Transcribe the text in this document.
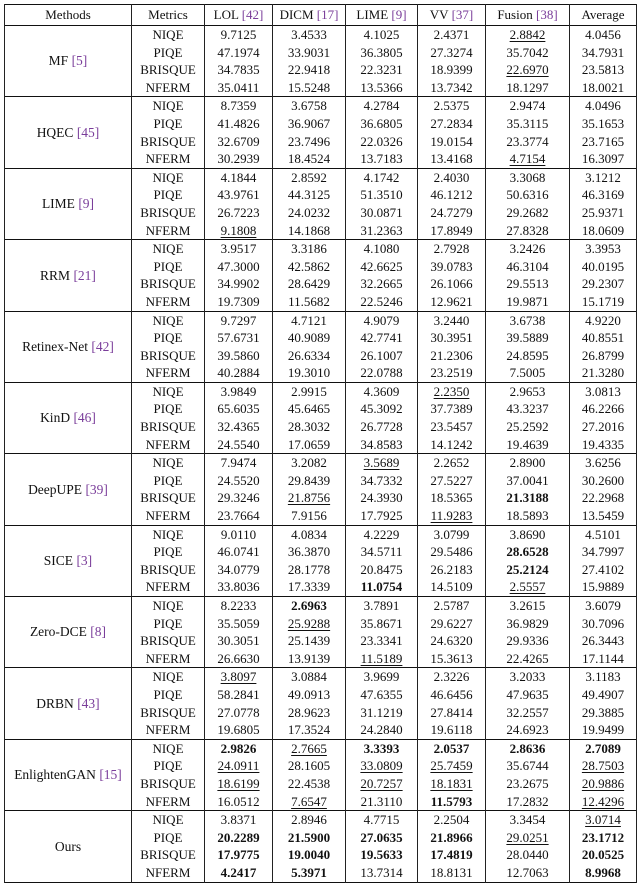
Methods	Metrics	LOL [42]	DICM [17]	LIME [9]	VV [37]	Fusion [38]	Average
MF [5]	NIQE	9.7125	3.4533	4.1025	2.4371	2.8842	4.0456
	PIQE	47.1974	33.9031	36.3805	27.3274	35.7042	34.7931
	BRISQUE	34.7835	22.9418	22.3231	18.9399	22.6970	23.5813
	NFERM	35.0411	15.5248	13.5366	13.7342	18.1297	18.0021
HQEC [45]	NIQE	8.7359	3.6758	4.2784	2.5375	2.9474	4.0496
	PIQE	41.4826	36.9067	36.6805	27.2834	35.3115	35.1653
	BRISQUE	32.6709	23.7496	22.0326	19.0154	23.3774	23.7165
	NFERM	30.2939	18.4524	13.7183	13.4168	4.7154	16.3097
LIME [9]	NIQE	4.1844	2.8592	4.1742	2.4030	3.3068	3.1212
	PIQE	43.9761	44.3125	51.3510	46.1212	50.6316	46.3169
	BRISQUE	26.7223	24.0232	30.0871	24.7279	29.2682	25.9371
	NFERM	9.1808	14.1868	31.2363	17.8949	27.8328	18.0609
RRM [21]	NIQE	3.9517	3.3186	4.1080	2.7928	3.2426	3.3953
	PIQE	47.3000	42.5862	42.6625	39.0783	46.3104	40.0195
	BRISQUE	34.9902	28.6429	32.2665	26.1066	29.5513	29.2307
	NFERM	19.7309	11.5682	22.5246	12.9621	19.9871	15.1719
Retinex-Net [42]	NIQE	9.7297	4.7121	4.9079	3.2440	3.6738	4.9220
	PIQE	57.6731	40.9089	42.7741	30.3951	39.5889	40.8551
	BRISQUE	39.5860	26.6334	26.1007	21.2306	24.8595	26.8799
	NFERM	40.2884	19.3010	22.0788	23.2519	7.5005	21.3280
KinD [46]	NIQE	3.9849	2.9915	4.3609	2.2350	2.9653	3.0813
	PIQE	65.6035	45.6465	45.3092	37.7389	43.3237	46.2266
	BRISQUE	32.4365	28.3032	26.7728	23.5457	25.2592	27.2016
	NFERM	24.5540	17.0659	34.8583	14.1242	19.4639	19.4335
DeepUPE [39]	NIQE	7.9474	3.2082	3.5689	2.2652	2.8900	3.6256
	PIQE	24.5520	29.8439	34.7332	27.5227	37.0041	30.2600
	BRISQUE	29.3246	21.8756	24.3930	18.5365	21.3188	22.2968
	NFERM	23.7664	7.9156	17.7925	11.9283	18.5893	13.5459
SICE [3]	NIQE	9.0110	4.0834	4.2229	3.0799	3.8690	4.5101
	PIQE	46.0741	36.3870	34.5711	29.5486	28.6528	34.7997
	BRISQUE	34.0779	28.1778	20.8475	26.2183	25.2124	27.4102
	NFERM	33.8036	17.3339	11.0754	14.5109	2.5557	15.9889
Zero-DCE [8]	NIQE	8.2233	2.6963	3.7891	2.5787	3.2615	3.6079
	PIQE	35.5059	25.9288	35.8671	29.6227	36.9829	30.7096
	BRISQUE	30.3051	25.1439	23.3341	24.6320	29.9336	26.3443
	NFERM	26.6630	13.9139	11.5189	15.3613	22.4265	17.1144
DRBN [43]	NIQE	3.8097	3.0884	3.9699	2.3226	3.2033	3.1183
	PIQE	58.2841	49.0913	47.6355	46.6456	47.9635	49.4907
	BRISQUE	27.0778	28.9623	31.1219	27.8414	32.2557	29.3885
	NFERM	19.6805	17.3524	24.2840	19.6118	24.6923	19.9499
EnlightenGAN [15]	NIQE	2.9826	2.7665	3.3393	2.0537	2.8636	2.7089
	PIQE	24.0911	28.1605	33.0809	25.7459	35.6744	28.7503
	BRISQUE	18.6199	22.4538	20.7257	18.1831	23.2675	20.9886
	NFERM	16.0512	7.6547	21.3110	11.5793	17.2832	12.4296
Ours	NIQE	3.8371	2.8946	4.7715	2.2504	3.3454	3.0714
	PIQE	20.2289	21.5900	27.0635	21.8966	29.0251	23.1712
	BRISQUE	17.9775	19.0040	19.5633	17.4819	28.0440	20.0525
	NFERM	4.2417	5.3971	13.7314	18.8131	12.7063	8.9968
